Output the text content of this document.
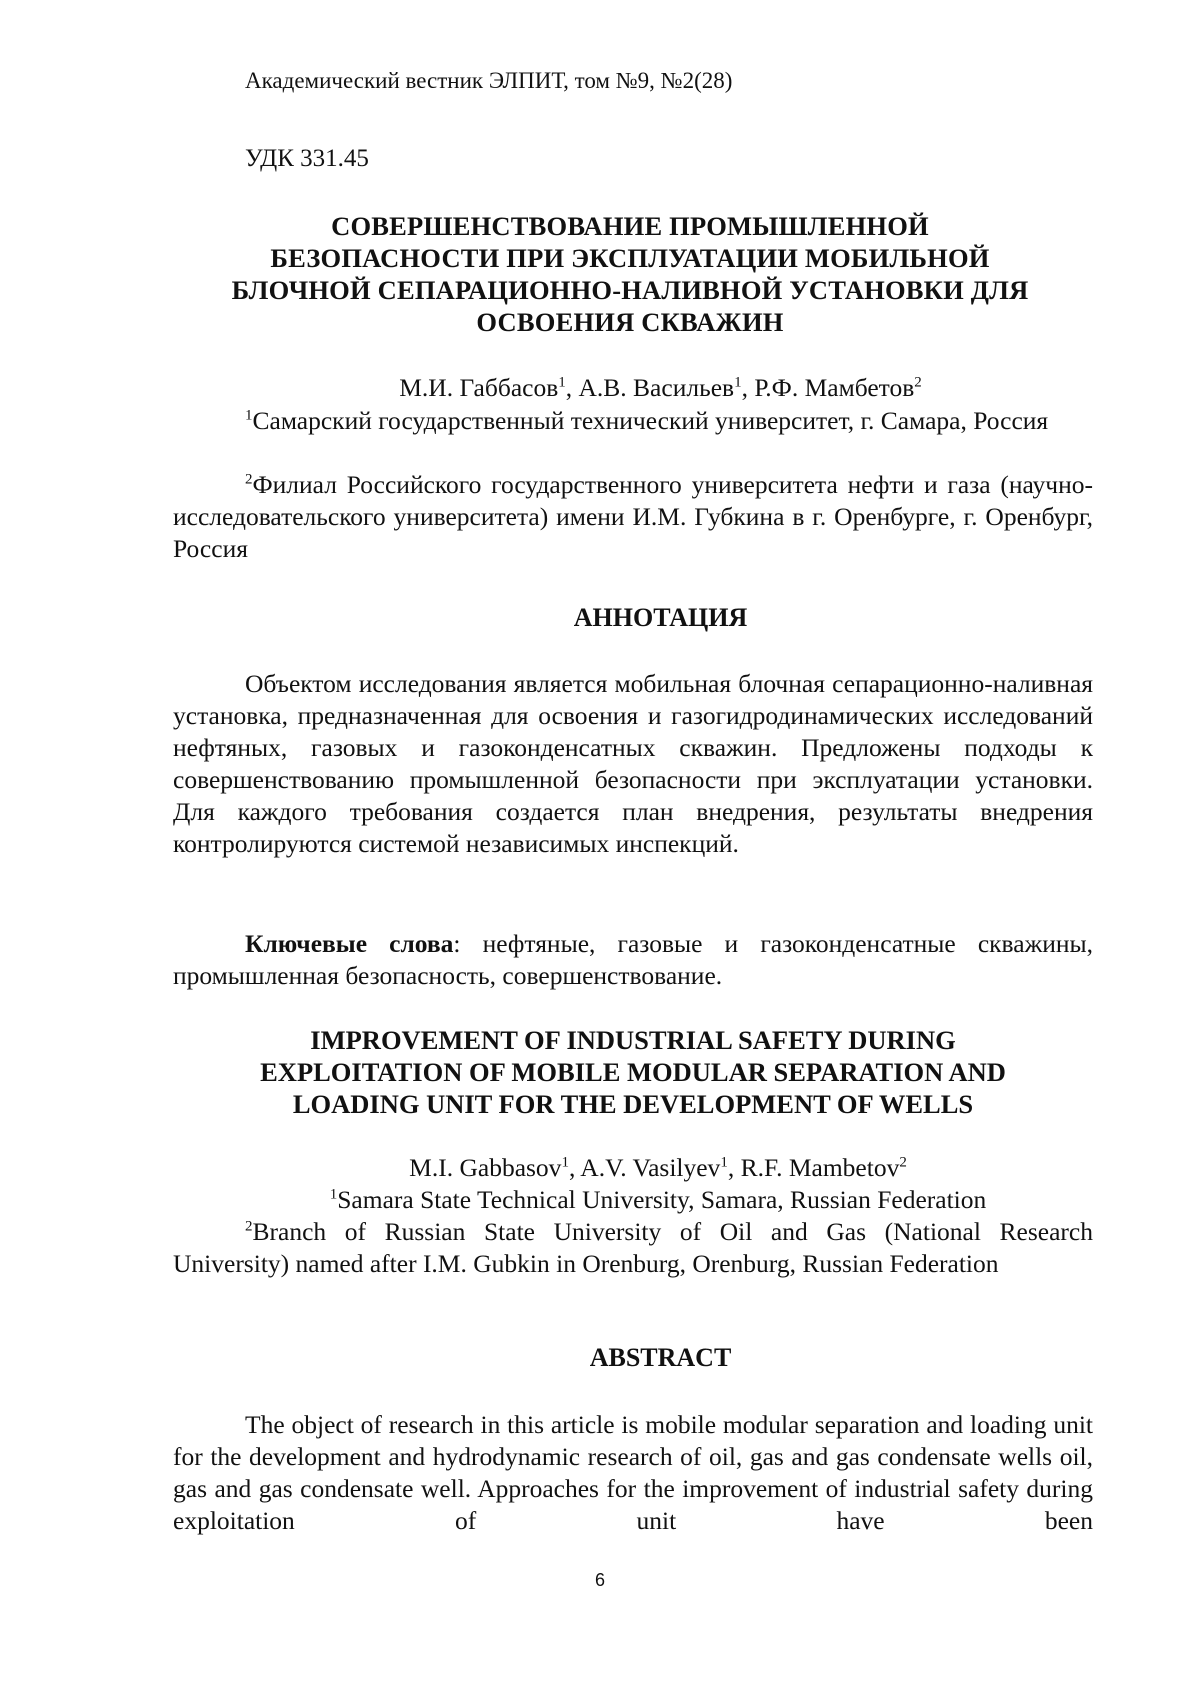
Академический вестник ЭЛПИТ, том №9, №2(28)
УДК 331.45
СОВЕРШЕНСТВОВАНИЕ ПРОМЫШЛЕННОЙ
БЕЗОПАСНОСТИ ПРИ ЭКСПЛУАТАЦИИ МОБИЛЬНОЙ
БЛОЧНОЙ СЕПАРАЦИОННО-НАЛИВНОЙ УСТАНОВКИ ДЛЯ
ОСВОЕНИЯ СКВАЖИН
М.И. Габбасов$^1$, А.В. Васильев$^1$, Р.Ф. Мамбетов$^2$
$^1$Самарский государственный технический университет, г. Самара, Россия
$^2$Филиал Российского государственного университета нефти и газа (научно-исследовательского университета) имени И.М. Губкина в г. Оренбурге, г. Оренбург, Россия
АННОТАЦИЯ
Объектом исследования является мобильная блочная сепарационно-наливная установка, предназначенная для освоения и газогидродинамических исследований нефтяных, газовых и газоконденсатных скважин. Предложены подходы к совершенствованию промышленной безопасности при эксплуатации установки. Для каждого требования создается план внедрения, результаты внедрения контролируются системой независимых инспекций.
Ключевые слова: нефтяные, газовые и газоконденсатные скважины, промышленная безопасность, совершенствование.
IMPROVEMENT OF INDUSTRIAL SAFETY DURING
EXPLOITATION OF MOBILE MODULAR SEPARATION AND
LOADING UNIT FOR THE DEVELOPMENT OF WELLS
M.I. Gabbasov$^1$, A.V. Vasilyev$^1$, R.F. Mambetov$^2$
$^1$Samara State Technical University, Samara, Russian Federation
$^2$Branch of Russian State University of Oil and Gas (National Research University) named after I.M. Gubkin in Orenburg, Orenburg, Russian Federation
ABSTRACT
The object of research in this article is mobile modular separation and loading unit for the development and hydrodynamic research of oil, gas and gas condensate wells oil, gas and gas condensate well. Approaches for the improvement of industrial safety during exploitation of unit have been
6
